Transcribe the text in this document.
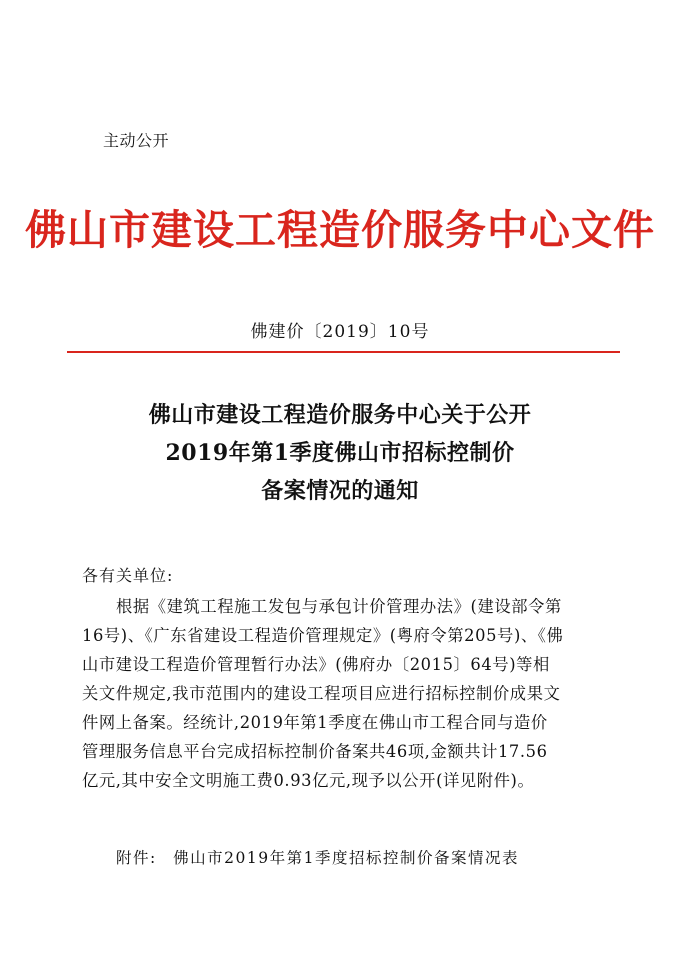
主动公开
佛山市建设工程造价服务中心文件
佛建价〔2019〕10号
佛山市建设工程造价服务中心关于公开
2019年第1季度佛山市招标控制价
备案情况的通知
各有关单位:
根据《建筑工程施工发包与承包计价管理办法》(建设部令第
16号)、《广东省建设工程造价管理规定》(粤府令第205号)、《佛
山市建设工程造价管理暂行办法》(佛府办〔2015〕64号)等相
关文件规定,我市范围内的建设工程项目应进行招标控制价成果文
件网上备案。经统计,2019年第1季度在佛山市工程合同与造价
管理服务信息平台完成招标控制价备案共46项,金额共计17.56
亿元,其中安全文明施工费0.93亿元,现予以公开(详见附件)。
附件: 佛山市2019年第1季度招标控制价备案情况表
